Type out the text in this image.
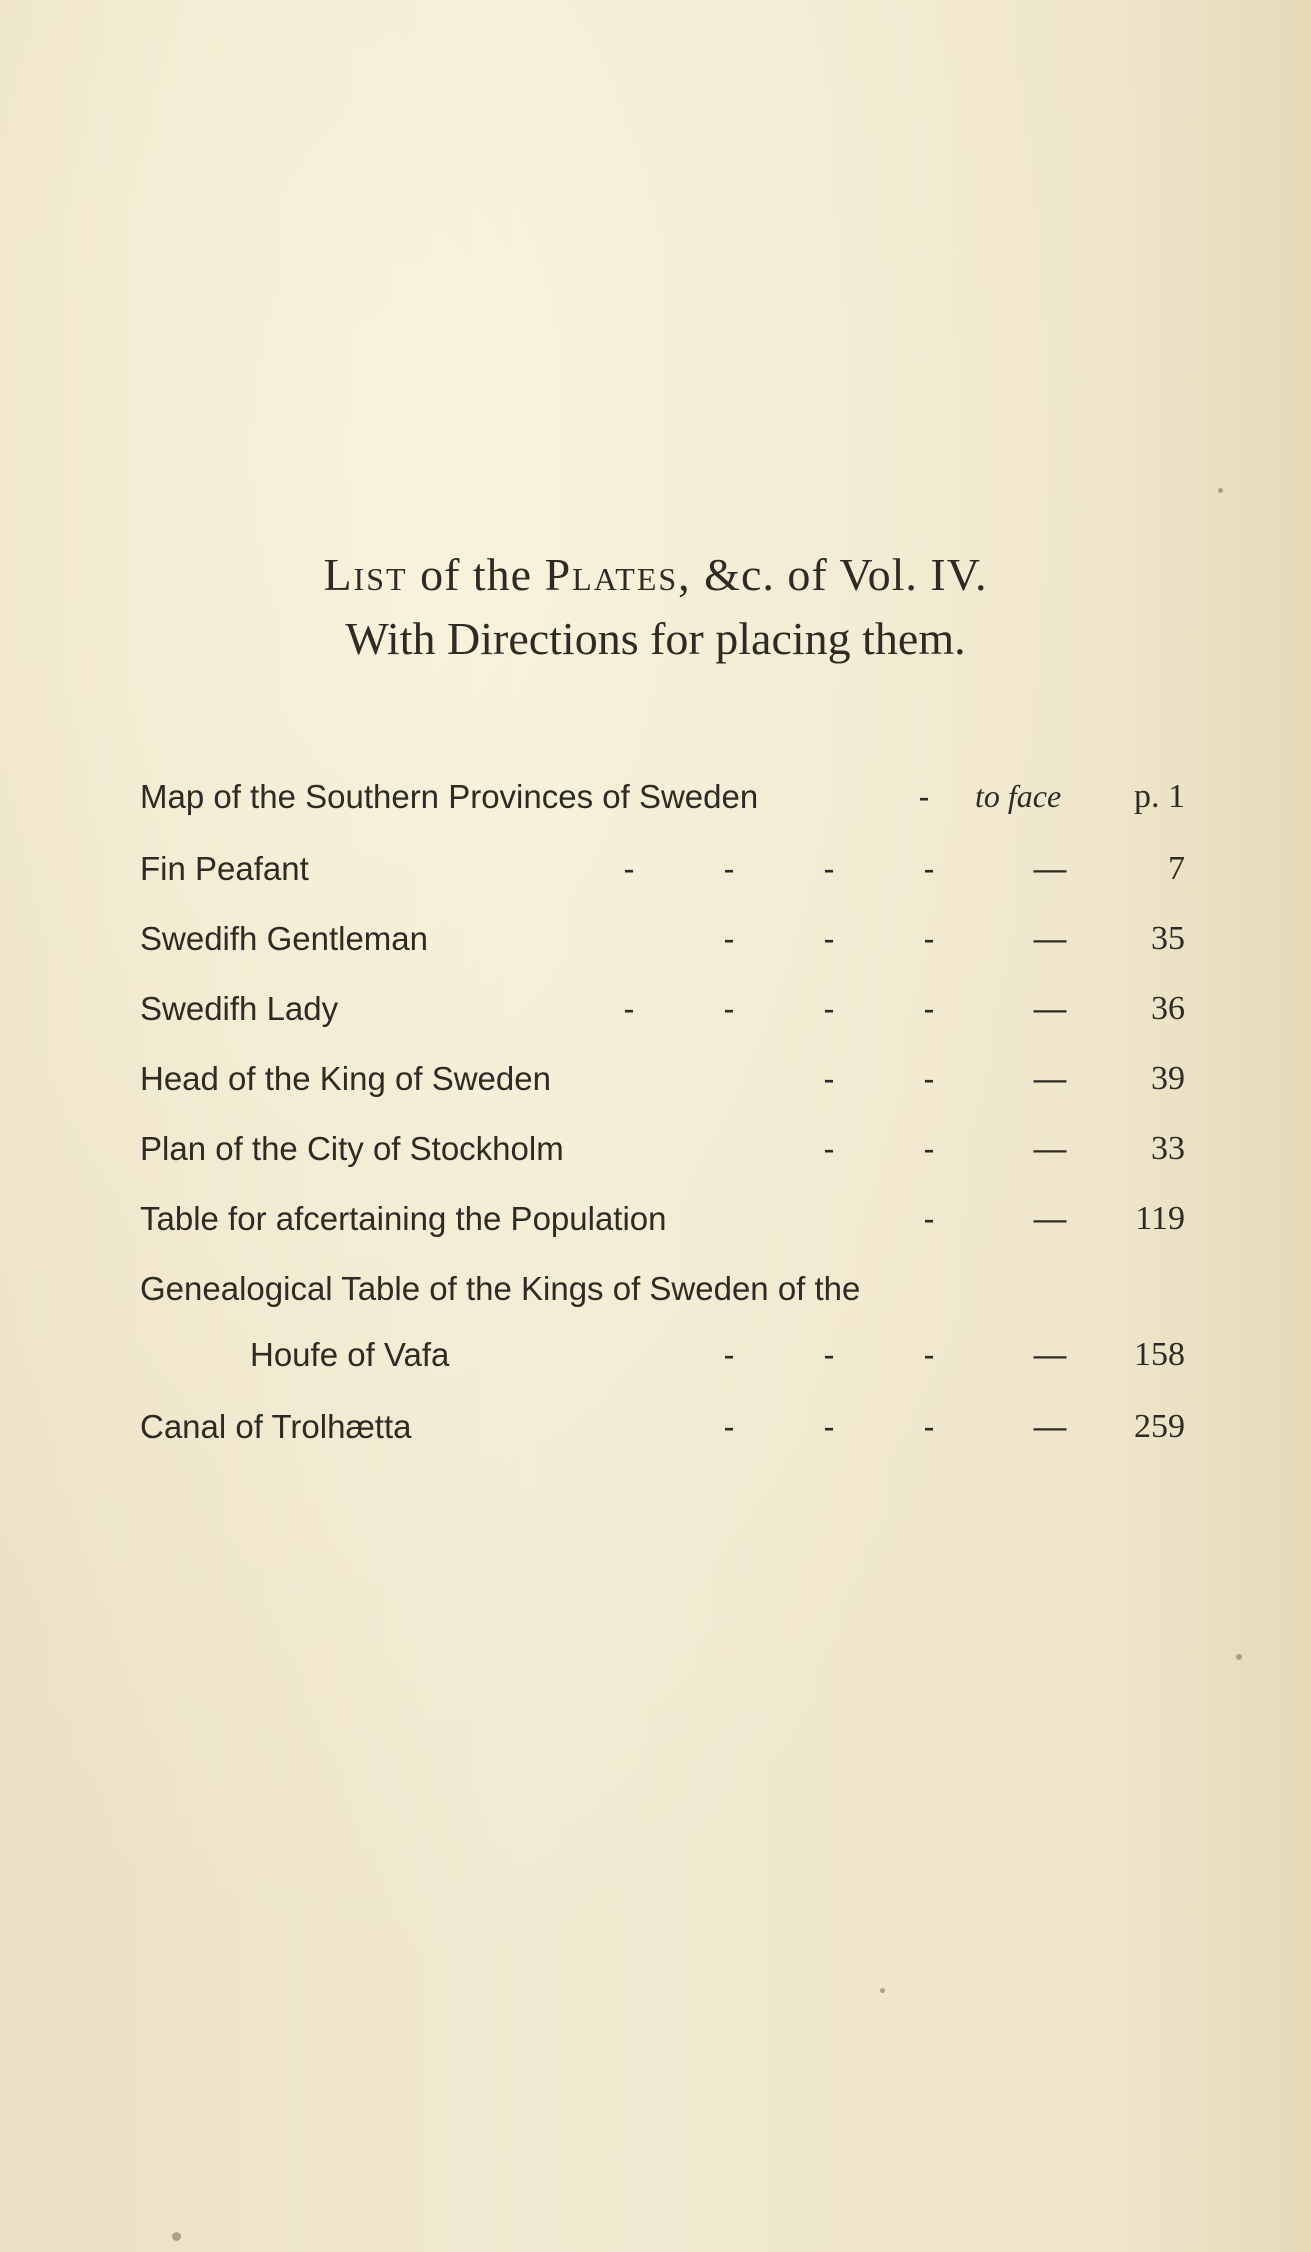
List of the Plates, &c. of Vol. IV.
With Directions for placing them.
Map of the Southern Provinces of Sweden	-	to face	p. 1
Fin Peafant	-	-	-	-	—	7
Swedifh Gentleman	-	-	-	—	35
Swedifh Lady	-	-	-	-	—	36
Head of the King of Sweden	-	-	—	39
Plan of the City of Stockholm	-	-	—	33
Table for afcertaining the Population	-	—	119
Genealogical Table of the Kings of Sweden of the
Houfe of Vafa	-	-	-	—	158
Canal of Trolhætta	-	-	-	—	259
